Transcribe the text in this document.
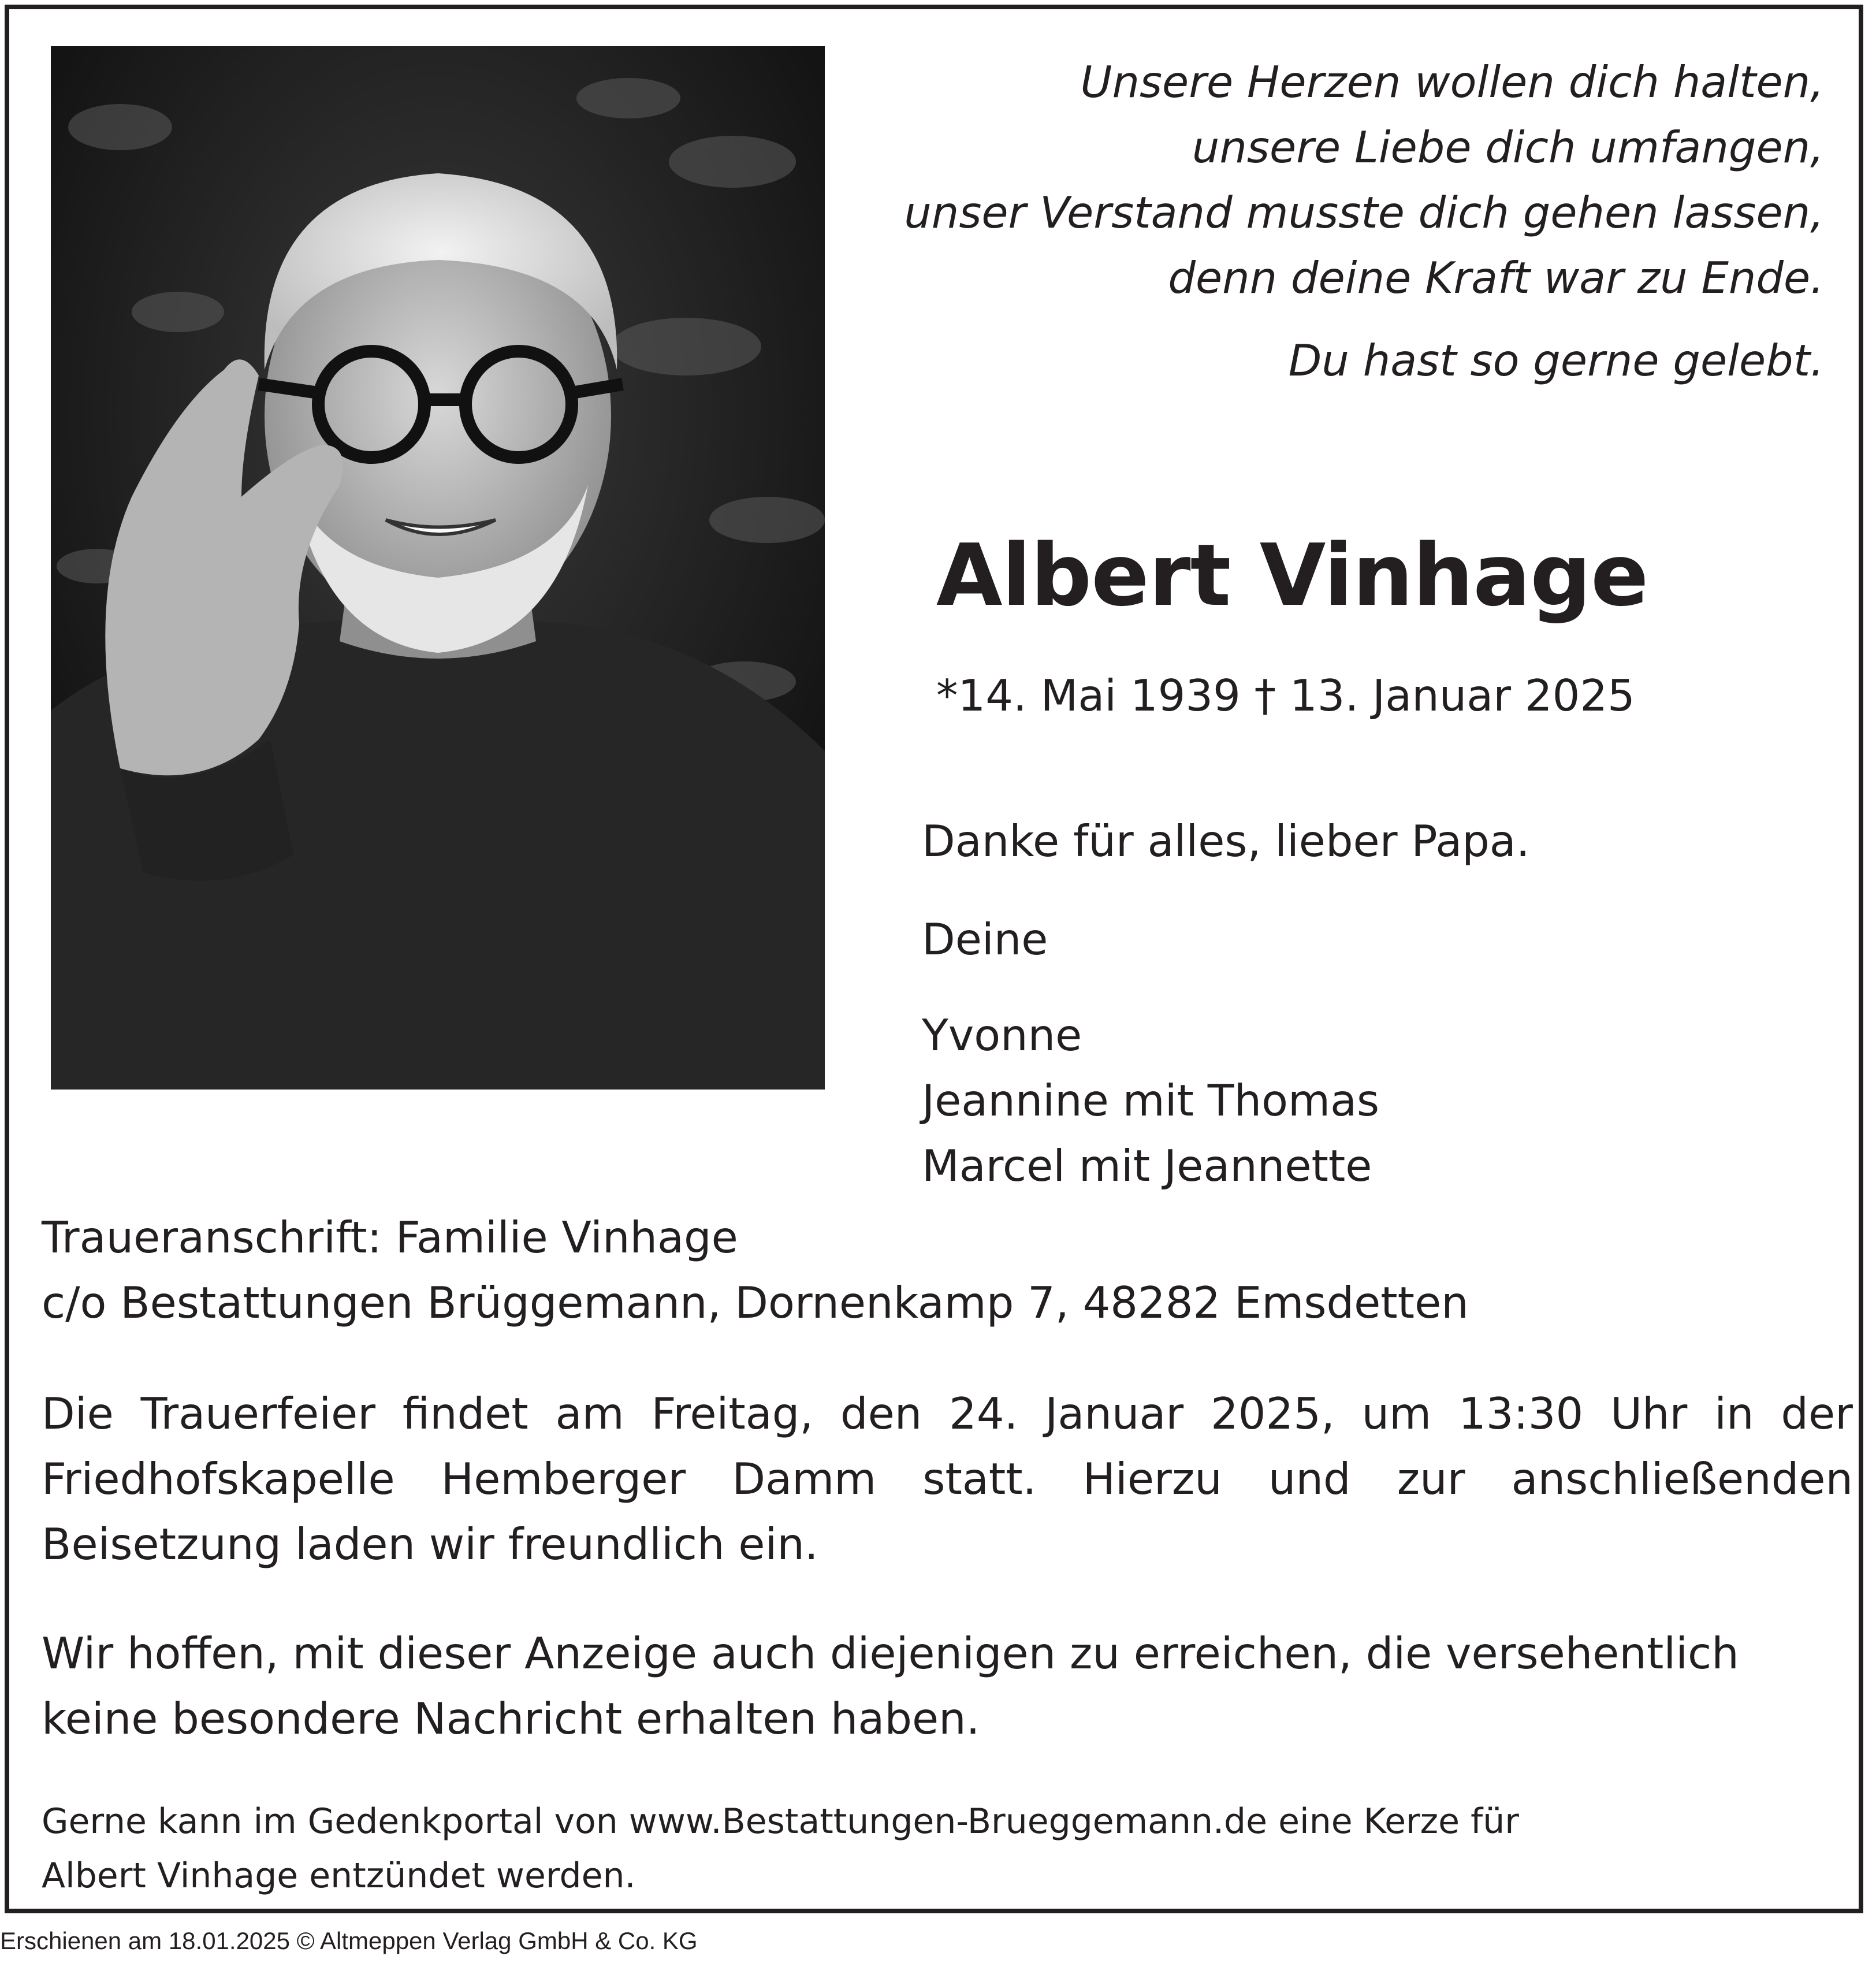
Unsere Herzen wollen dich halten,
unsere Liebe dich umfangen,
unser Verstand musste dich gehen lassen,
denn deine Kraft war zu Ende.
Du hast so gerne gelebt.
Albert Vinhage
*14. Mai 1939 † 13. Januar 2025
Danke für alles, lieber Papa.
Deine
Yvonne
Jeannine mit Thomas
Marcel mit Jeannette
Traueranschrift: Familie Vinhage
c/o Bestattungen Brüggemann, Dornenkamp 7, 48282 Emsdetten
Die Trauerfeier findet am Freitag, den 24. Januar 2025, um 13:30 Uhr in der
Friedhofskapelle Hemberger Damm statt. Hierzu und zur anschließenden
Beisetzung laden wir freundlich ein.
Wir hoffen, mit dieser Anzeige auch diejenigen zu erreichen, die versehentlich
keine besondere Nachricht erhalten haben.
Gerne kann im Gedenkportal von www.Bestattungen-Brueggemann.de eine Kerze für
Albert Vinhage entzündet werden.
Erschienen am 18.01.2025 © Altmeppen Verlag GmbH & Co. KG
